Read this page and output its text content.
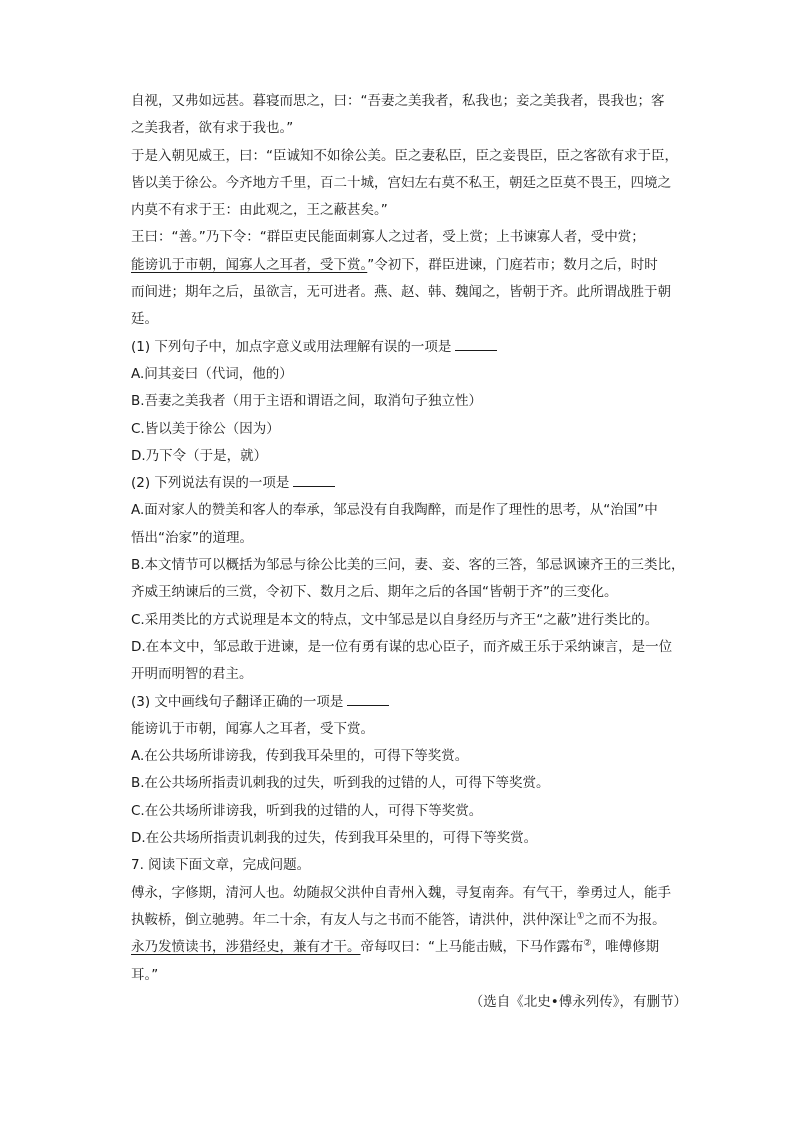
自视，又弗如远甚。暮寝而思之，曰：“吾妻之美我者，私我也；妾之美我者，畏我也；客

之美我者，欲有求于我也。”

于是入朝见威王，曰：“臣诚知不如徐公美。臣之妻私臣，臣之妾畏臣，臣之客欲有求于臣，

皆以美于徐公。今齐地方千里，百二十城，宫妇左右莫不私王，朝廷之臣莫不畏王，四境之

内莫不有求于王：由此观之，王之蔽甚矣。”

王曰：“善。”乃下令：“群臣吏民能面刺寡人之过者，受上赏；上书谏寡人者，受中赏；

能谤讥于市朝，闻寡人之耳者，受下赏。”令初下，群臣进谏，门庭若市；数月之后，时时

而间进；期年之后，虽欲言，无可进者。燕、赵、韩、魏闻之，皆朝于齐。此所谓战胜于朝

廷。

(1) 下列句子中，加点字意义或用法理解有误的一项是

A.问其妾曰（代词，他的）

B.吾妻之美我者（用于主语和谓语之间，取消句子独立性）

C.皆以美于徐公（因为）

D.乃下令（于是，就）

(2) 下列说法有误的一项是

A.面对家人的赞美和客人的奉承，邹忌没有自我陶醉，而是作了理性的思考，从“治国”中

悟出“治家”的道理。

B.本文情节可以概括为邹忌与徐公比美的三问，妻、妾、客的三答，邹忌讽谏齐王的三类比，

齐威王纳谏后的三赏，令初下、数月之后、期年之后的各国“皆朝于齐”的三变化。

C.采用类比的方式说理是本文的特点，文中邹忌是以自身经历与齐王“之蔽”进行类比的。

D.在本文中，邹忌敢于进谏，是一位有勇有谋的忠心臣子，而齐威王乐于采纳谏言，是一位

开明而明智的君主。

(3) 文中画线句子翻译正确的一项是

能谤讥于市朝，闻寡人之耳者，受下赏。

A.在公共场所诽谤我，传到我耳朵里的，可得下等奖赏。

B.在公共场所指责讥刺我的过失，听到我的过错的人，可得下等奖赏。

C.在公共场所诽谤我，听到我的过错的人，可得下等奖赏。

D.在公共场所指责讥刺我的过失，传到我耳朵里的，可得下等奖赏。

7. 阅读下面文章，完成问题。

傅永，字修期，清河人也。幼随叔父洪仲自青州入魏，寻复南奔。有气干，拳勇过人，能手

执鞍桥，倒立驰骋。年二十余，有友人与之书而不能答，请洪仲，洪仲深让①之而不为报。

永乃发愤读书，涉猎经史，兼有才干。帝每叹曰：“上马能击贼，下马作露布②，唯傅修期

耳。”

（选自《北史•傅永列传》，有删节）
